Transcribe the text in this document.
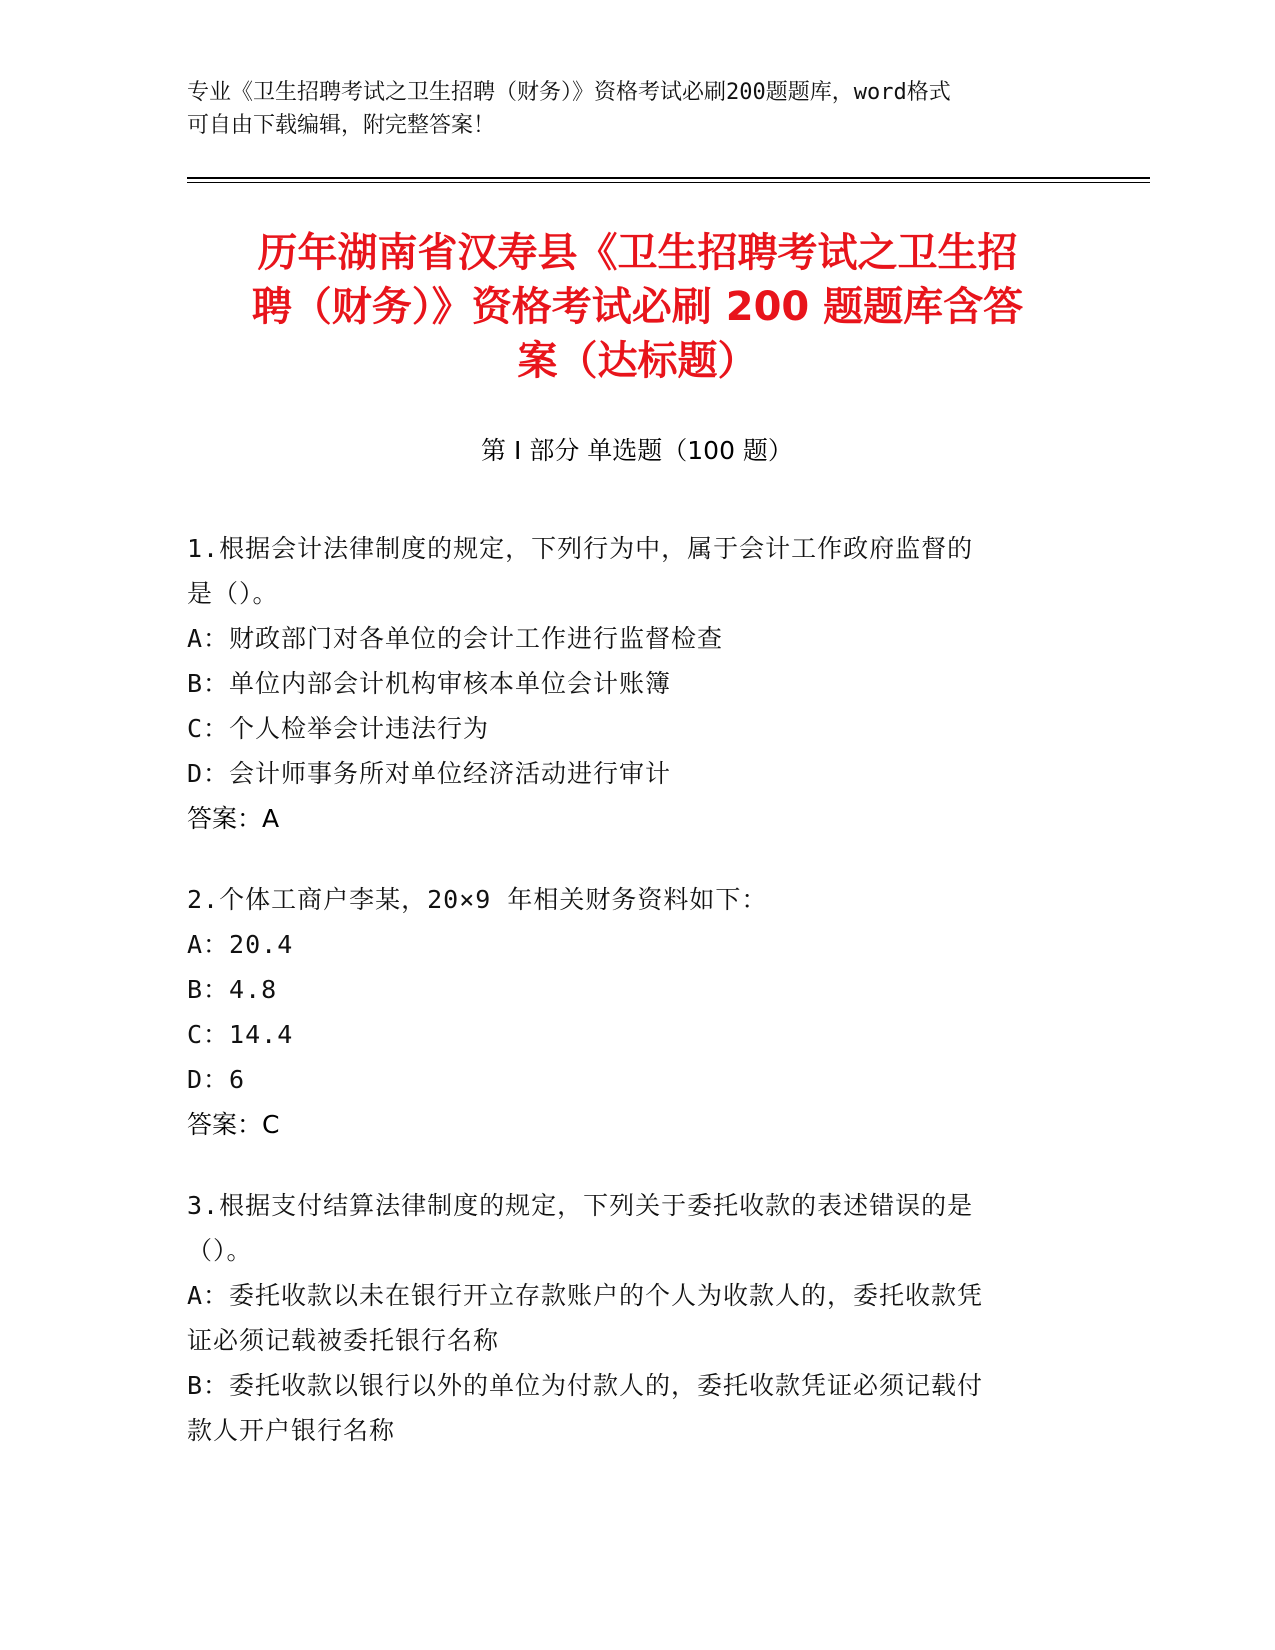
专业《卫生招聘考试之卫生招聘（财务）》资格考试必刷200题题库，word格式
可自由下载编辑，附完整答案！
历年湖南省汉寿县《卫生招聘考试之卫生招
聘（财务）》资格考试必刷 200 题题库含答
案（达标题）
第 I 部分 单选题（100 题）

1.根据会计法律制度的规定，下列行为中，属于会计工作政府监督的

是（）。

A：财政部门对各单位的会计工作进行监督检查

B：单位内部会计机构审核本单位会计账簿

C：个人检举会计违法行为

D：会计师事务所对单位经济活动进行审计

答案：A

2.个体工商户李某，20×9 年相关财务资料如下：

A：20.4

B：4.8

C：14.4

D：6

答案：C

3.根据支付结算法律制度的规定，下列关于委托收款的表述错误的是

（）。

A：委托收款以未在银行开立存款账户的个人为收款人的，委托收款凭

证必须记载被委托银行名称

B：委托收款以银行以外的单位为付款人的，委托收款凭证必须记载付

款人开户银行名称
